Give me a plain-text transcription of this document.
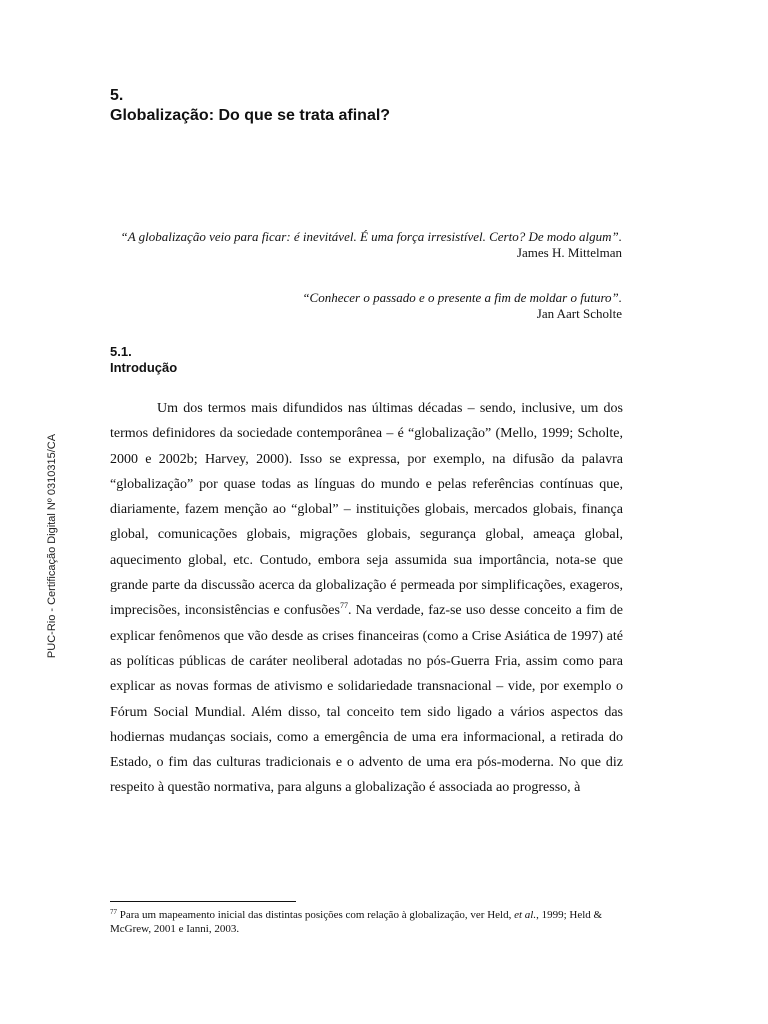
PUC-Rio - Certificação Digital Nº 0310315/CA
5.
Globalização: Do que se trata afinal?
“A globalização veio para ficar: é inevitável. É uma força irresistível. Certo? De modo algum”.
James H. Mittelman
“Conhecer o passado e o presente a fim de moldar o futuro”.
Jan Aart Scholte
5.1.
Introdução

Um dos termos mais difundidos nas últimas décadas – sendo, inclusive, um dos termos definidores da sociedade contemporânea – é “globalização” (Mello, 1999; Scholte, 2000 e 2002b; Harvey, 2000). Isso se expressa, por exemplo, na difusão da palavra “globalização” por quase todas as línguas do mundo e pelas referências contínuas que, diariamente, fazem menção ao “global” – instituições globais, mercados globais, finança global, comunicações globais, migrações globais, segurança global, ameaça global, aquecimento global, etc. Contudo, embora seja assumida sua importância, nota-se que grande parte da discussão acerca da globalização é permeada por simplificações, exageros, imprecisões, inconsistências e confusões$^{77}$. Na verdade, faz-se uso desse conceito a fim de explicar fenômenos que vão desde as crises financeiras (como a Crise Asiática de 1997) até as políticas públicas de caráter neoliberal adotadas no pós-Guerra Fria, assim como para explicar as novas formas de ativismo e solidariedade transnacional – vide, por exemplo o Fórum Social Mundial. Além disso, tal conceito tem sido ligado a vários aspectos das hodiernas mudanças sociais, como a emergência de uma era informacional, a retirada do Estado, o fim das culturas tradicionais e o advento de uma era pós-moderna. No que diz respeito à questão normativa, para alguns a globalização é associada ao progresso, à

$^{77}$ Para um mapeamento inicial das distintas posições com relação à globalização, ver Held, et al., 1999; Held & McGrew, 2001 e Ianni, 2003.
